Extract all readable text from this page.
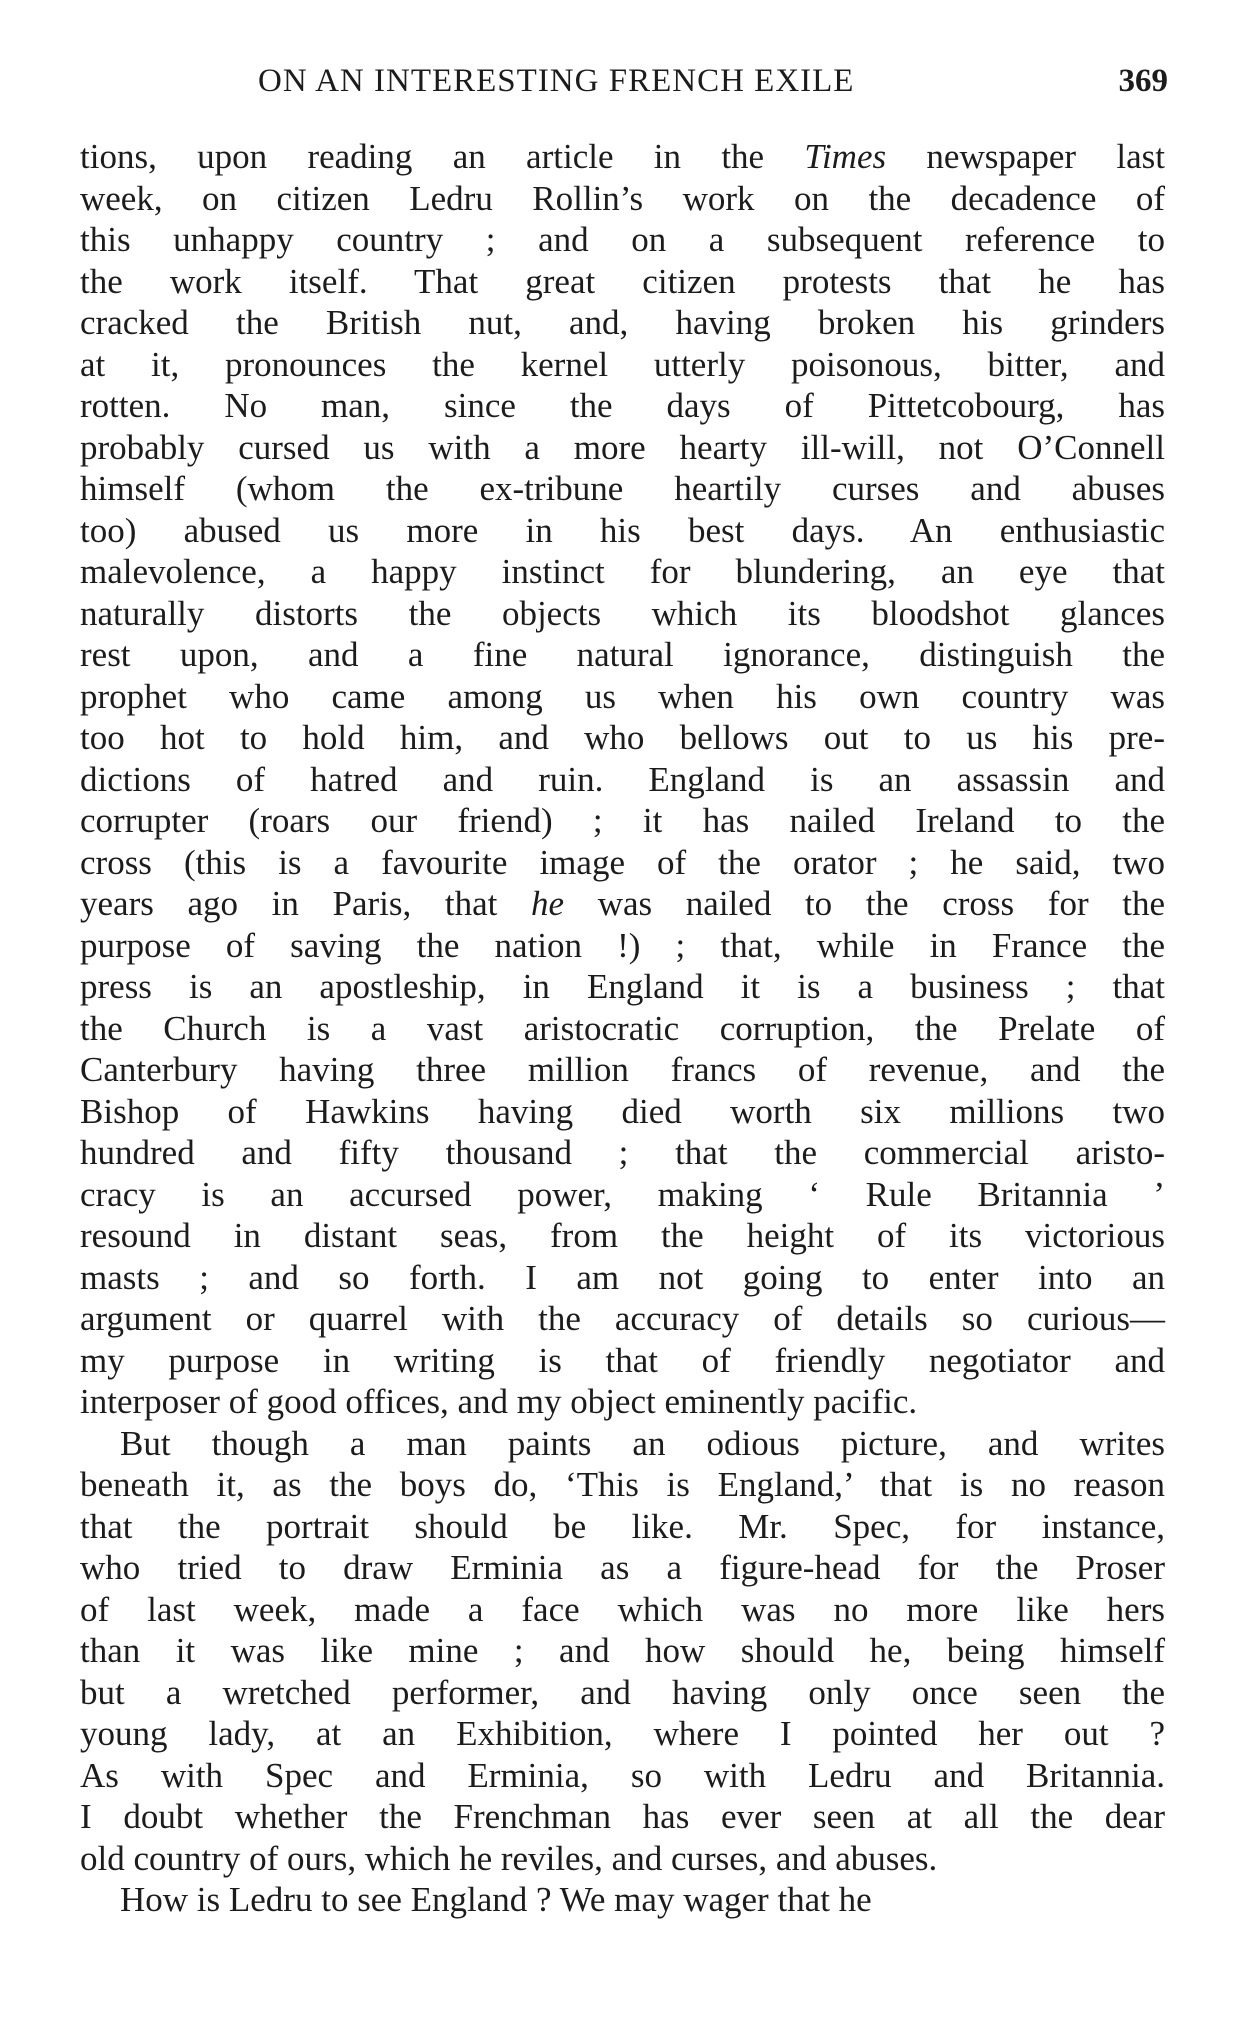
ON AN INTERESTING FRENCH EXILE	369
tions, upon reading an article in the Times newspaper last
week, on citizen Ledru Rollin’s work on the decadence of
this unhappy country ; and on a subsequent reference to
the work itself. That great citizen protests that he has
cracked the British nut, and, having broken his grinders
at it, pronounces the kernel utterly poisonous, bitter, and
rotten. No man, since the days of Pittetcobourg, has
probably cursed us with a more hearty ill-will, not O’Connell
himself (whom the ex-tribune heartily curses and abuses
too) abused us more in his best days. An enthusiastic
malevolence, a happy instinct for blundering, an eye that
naturally distorts the objects which its bloodshot glances
rest upon, and a fine natural ignorance, distinguish the
prophet who came among us when his own country was
too hot to hold him, and who bellows out to us his pre-
dictions of hatred and ruin. England is an assassin and
corrupter (roars our friend) ; it has nailed Ireland to the
cross (this is a favourite image of the orator ; he said, two
years ago in Paris, that he was nailed to the cross for the
purpose of saving the nation !) ; that, while in France the
press is an apostleship, in England it is a business ; that
the Church is a vast aristocratic corruption, the Prelate of
Canterbury having three million francs of revenue, and the
Bishop of Hawkins having died worth six millions two
hundred and fifty thousand ; that the commercial aristo-
cracy is an accursed power, making ‘ Rule Britannia ’
resound in distant seas, from the height of its victorious
masts ; and so forth. I am not going to enter into an
argument or quarrel with the accuracy of details so curious—
my purpose in writing is that of friendly negotiator and
interposer of good offices, and my object eminently pacific.
But though a man paints an odious picture, and writes
beneath it, as the boys do, ‘This is England,’ that is no reason
that the portrait should be like. Mr. Spec, for instance,
who tried to draw Erminia as a figure-head for the Proser
of last week, made a face which was no more like hers
than it was like mine ; and how should he, being himself
but a wretched performer, and having only once seen the
young lady, at an Exhibition, where I pointed her out ?
As with Spec and Erminia, so with Ledru and Britannia.
I doubt whether the Frenchman has ever seen at all the dear
old country of ours, which he reviles, and curses, and abuses.
How is Ledru to see England ? We may wager that he
